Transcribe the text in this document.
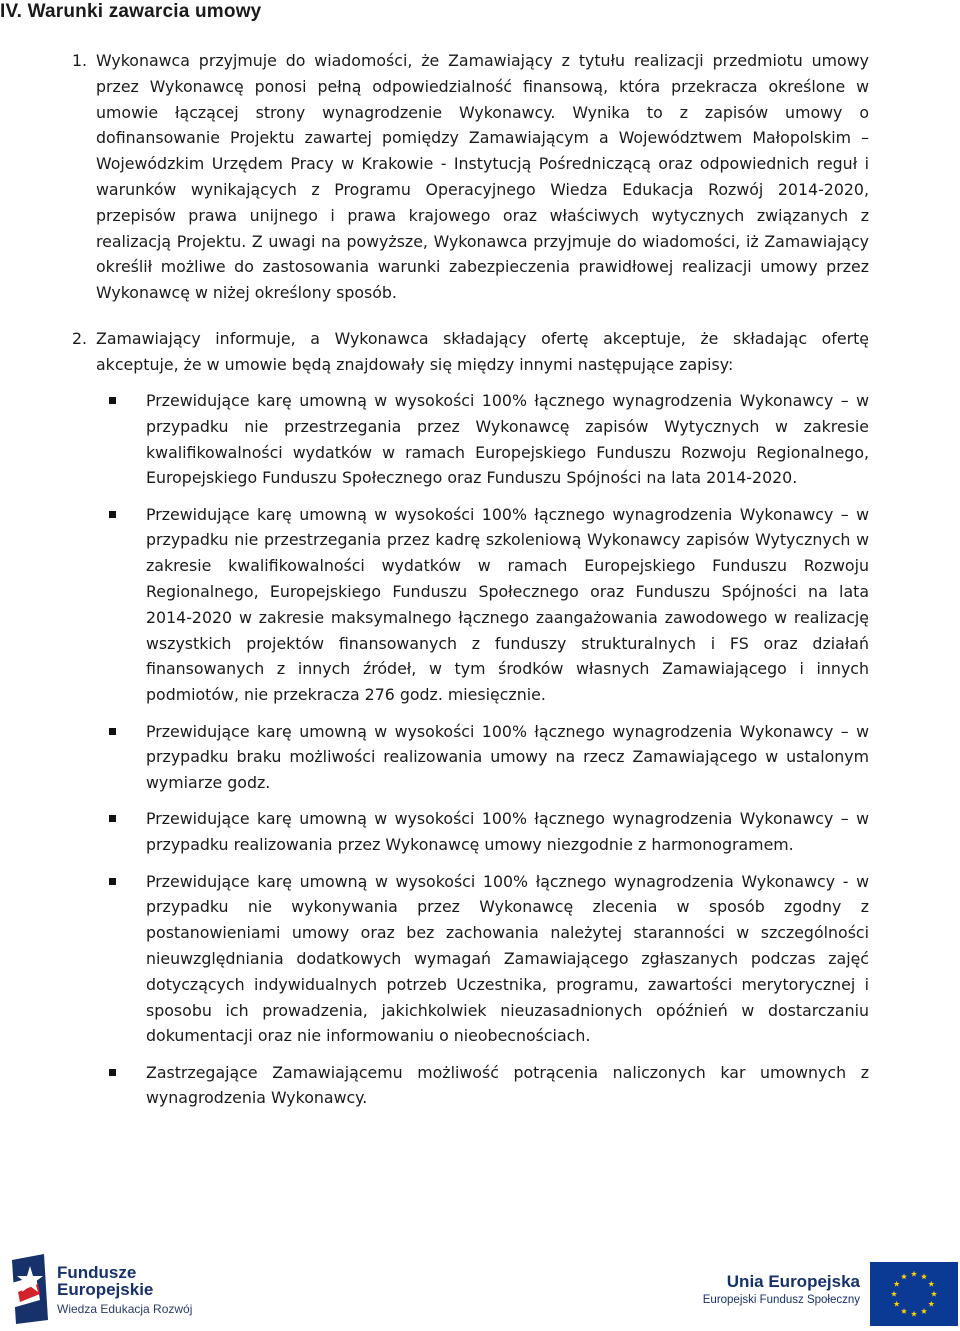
IV. Warunki zawarcia umowy

1. Wykonawca przyjmuje do wiadomości, że Zamawiający z tytułu realizacji przedmiotu umowy przez Wykonawcę ponosi pełną odpowiedzialność finansową, która przekracza określone w umowie łączącej strony wynagrodzenie Wykonawcy. Wynika to z zapisów umowy o dofinansowanie Projektu zawartej pomiędzy Zamawiającym a Województwem Małopolskim – Wojewódzkim Urzędem Pracy w Krakowie - Instytucją Pośredniczącą oraz odpowiednich reguł i warunków wynikających z Programu Operacyjnego Wiedza Edukacja Rozwój 2014-2020, przepisów prawa unijnego i prawa krajowego oraz właściwych wytycznych związanych z realizacją Projektu. Z uwagi na powyższe, Wykonawca przyjmuje do wiadomości, iż Zamawiający określił możliwe do zastosowania warunki zabezpieczenia prawidłowej realizacji umowy przez Wykonawcę w niżej określony sposób.

2. Zamawiający informuje, a Wykonawca składający ofertę akceptuje, że składając ofertę akceptuje, że w umowie będą znajdowały się między innymi następujące zapisy:

Przewidujące karę umowną w wysokości 100% łącznego wynagrodzenia Wykonawcy – w przypadku nie przestrzegania przez Wykonawcę zapisów Wytycznych w zakresie kwalifikowalności wydatków w ramach Europejskiego Funduszu Rozwoju Regionalnego, Europejskiego Funduszu Społecznego oraz Funduszu Spójności na lata 2014-2020.
Przewidujące karę umowną w wysokości 100% łącznego wynagrodzenia Wykonawcy – w przypadku nie przestrzegania przez kadrę szkoleniową Wykonawcy zapisów Wytycznych w zakresie kwalifikowalności wydatków w ramach Europejskiego Funduszu Rozwoju Regionalnego, Europejskiego Funduszu Społecznego oraz Funduszu Spójności na lata 2014-2020 w zakresie maksymalnego łącznego zaangażowania zawodowego w realizację wszystkich projektów finansowanych z funduszy strukturalnych i FS oraz działań finansowanych z innych źródeł, w tym środków własnych Zamawiającego i innych podmiotów, nie przekracza 276 godz. miesięcznie.
Przewidujące karę umowną w wysokości 100% łącznego wynagrodzenia Wykonawcy – w przypadku braku możliwości realizowania umowy na rzecz Zamawiającego w ustalonym wymiarze godz.
Przewidujące karę umowną w wysokości 100% łącznego wynagrodzenia Wykonawcy – w przypadku realizowania przez Wykonawcę umowy niezgodnie z harmonogramem.
Przewidujące karę umowną w wysokości 100% łącznego wynagrodzenia Wykonawcy - w przypadku nie wykonywania przez Wykonawcę zlecenia w sposób zgodny z postanowieniami umowy oraz bez zachowania należytej staranności w szczególności nieuwzględniania dodatkowych wymagań Zamawiającego zgłaszanych podczas zajęć dotyczących indywidualnych potrzeb Uczestnika, programu, zawartości merytorycznej i sposobu ich prowadzenia, jakichkolwiek nieuzasadnionych opóźnień w dostarczaniu dokumentacji oraz nie informowaniu o nieobecnościach.
Zastrzegające Zamawiającemu możliwość potrącenia naliczonych kar umownych z wynagrodzenia Wykonawcy.
Fundusze
Europejskie
Wiedza Edukacja Rozwój
Unia Europejska
Europejski Fundusz Społeczny
